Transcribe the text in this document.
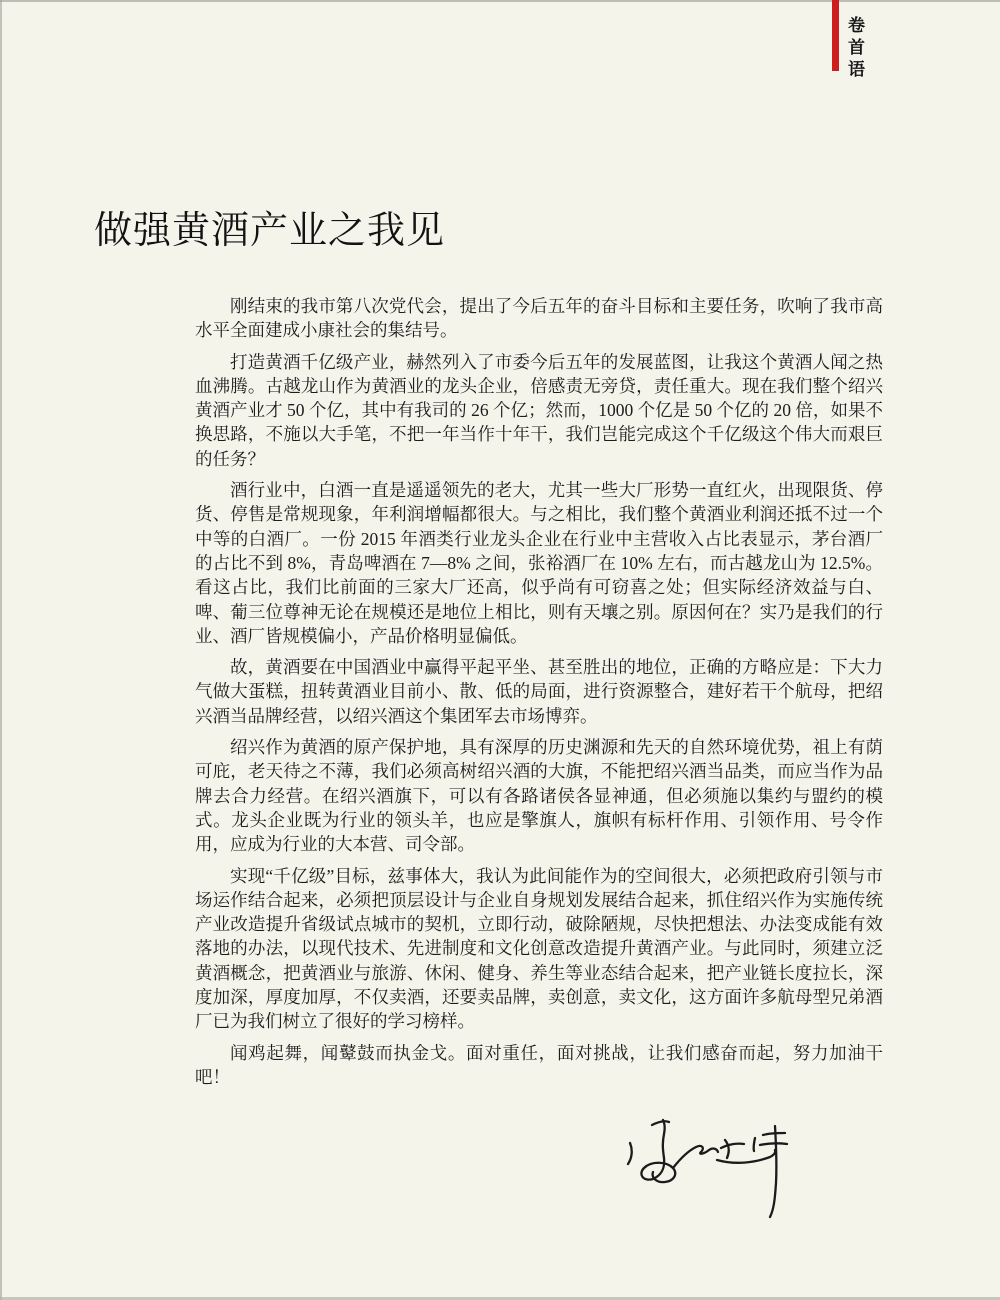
卷首语
做强黄酒产业之我见

刚结束的我市第八次党代会，提出了今后五年的奋斗目标和主要任务，吹响了我市高水平全面建成小康社会的集结号。

打造黄酒千亿级产业，赫然列入了市委今后五年的发展蓝图，让我这个黄酒人闻之热血沸腾。古越龙山作为黄酒业的龙头企业，倍感责无旁贷，责任重大。现在我们整个绍兴黄酒产业才 50 个亿，其中有我司的 26 个亿；然而，1000 个亿是 50 个亿的 20 倍，如果不换思路，不施以大手笔，不把一年当作十年干，我们岂能完成这个千亿级这个伟大而艰巨的任务？

酒行业中，白酒一直是遥遥领先的老大，尤其一些大厂形势一直红火，出现限货、停货、停售是常规现象，年利润增幅都很大。与之相比，我们整个黄酒业利润还抵不过一个中等的白酒厂。一份 2015 年酒类行业龙头企业在行业中主营收入占比表显示，茅台酒厂的占比不到 8%，青岛啤酒在 7—8% 之间，张裕酒厂在 10% 左右，而古越龙山为 12.5%。看这占比，我们比前面的三家大厂还高，似乎尚有可窃喜之处；但实际经济效益与白、啤、葡三位尊神无论在规模还是地位上相比，则有天壤之别。原因何在？实乃是我们的行业、酒厂皆规模偏小，产品价格明显偏低。

故，黄酒要在中国酒业中赢得平起平坐、甚至胜出的地位，正确的方略应是：下大力气做大蛋糕，扭转黄酒业目前小、散、低的局面，进行资源整合，建好若干个航母，把绍兴酒当品牌经营，以绍兴酒这个集团军去市场博弈。

绍兴作为黄酒的原产保护地，具有深厚的历史渊源和先天的自然环境优势，祖上有荫可庇，老天待之不薄，我们必须高树绍兴酒的大旗，不能把绍兴酒当品类，而应当作为品牌去合力经营。在绍兴酒旗下，可以有各路诸侯各显神通，但必须施以集约与盟约的模式。龙头企业既为行业的领头羊，也应是擎旗人，旗帜有标杆作用、引领作用、号令作用，应成为行业的大本营、司令部。

实现“千亿级”目标，兹事体大，我认为此间能作为的空间很大，必须把政府引领与市场运作结合起来，必须把顶层设计与企业自身规划发展结合起来，抓住绍兴作为实施传统产业改造提升省级试点城市的契机，立即行动，破除陋规，尽快把想法、办法变成能有效落地的办法，以现代技术、先进制度和文化创意改造提升黄酒产业。与此同时，须建立泛黄酒概念，把黄酒业与旅游、休闲、健身、养生等业态结合起来，把产业链长度拉长，深度加深，厚度加厚，不仅卖酒，还要卖品牌，卖创意，卖文化，这方面许多航母型兄弟酒厂已为我们树立了很好的学习榜样。

闻鸡起舞，闻鼙鼓而执金戈。面对重任，面对挑战，让我们感奋而起，努力加油干吧！
